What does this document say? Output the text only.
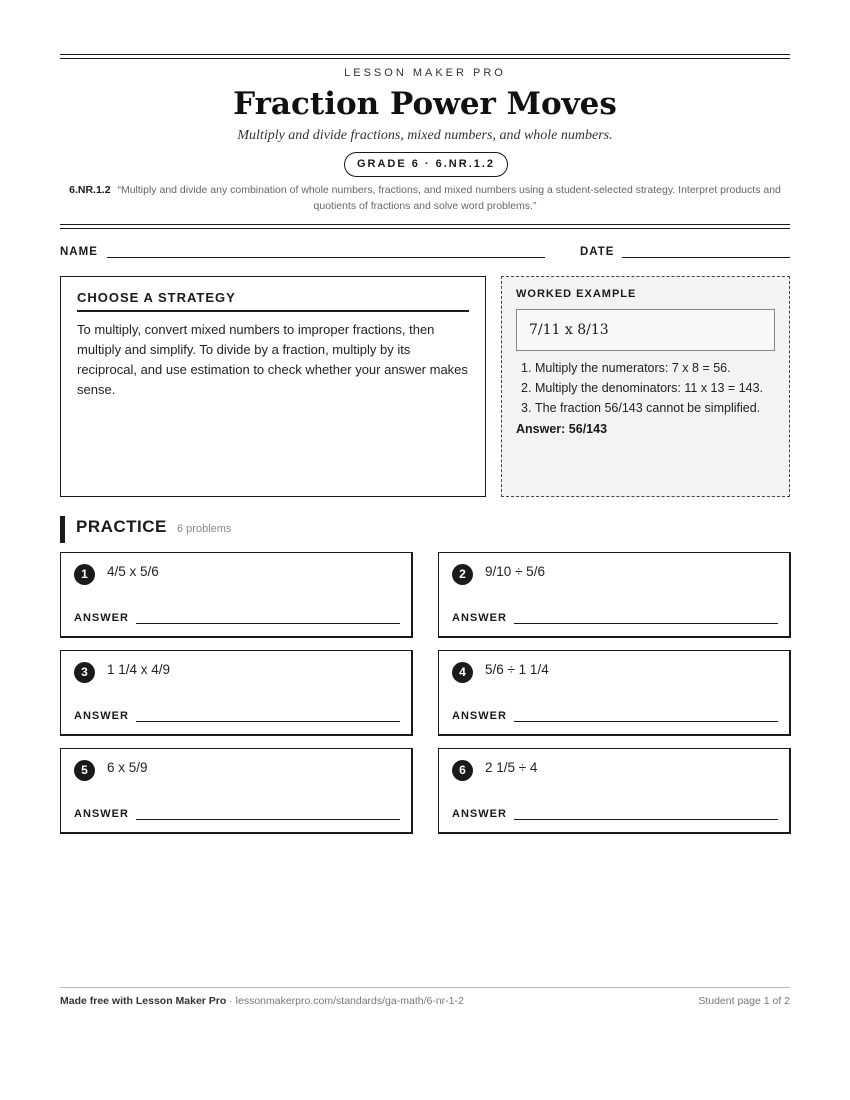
LESSON MAKER PRO
Fraction Power Moves
Multiply and divide fractions, mixed numbers, and whole numbers.
GRADE 6 · 6.NR.1.2
6.NR.1.2 “Multiply and divide any combination of whole numbers, fractions, and mixed numbers using a student-selected strategy. Interpret products and quotients of fractions and solve word problems.”
NAME	DATE
CHOOSE A STRATEGY
To multiply, convert mixed numbers to improper fractions, then multiply and simplify. To divide by a fraction, multiply by its reciprocal, and use estimation to check whether your answer makes sense.
WORKED EXAMPLE
7/11 x 8/13
1. Multiply the numerators: 7 x 8 = 56.
2. Multiply the denominators: 11 x 13 = 143.
3. The fraction 56/143 cannot be simplified.
Answer: 56/143
PRACTICE 6 problems
1	4/5 x 5/6
ANSWER
2	9/10 ÷ 5/6
ANSWER
3	1 1/4 x 4/9
ANSWER
4	5/6 ÷ 1 1/4
ANSWER
5	6 x 5/9
ANSWER
6	2 1/5 ÷ 4
ANSWER
Made free with Lesson Maker Pro · lessonmakerpro.com/standards/ga-math/6-nr-1-2	Student page 1 of 2
